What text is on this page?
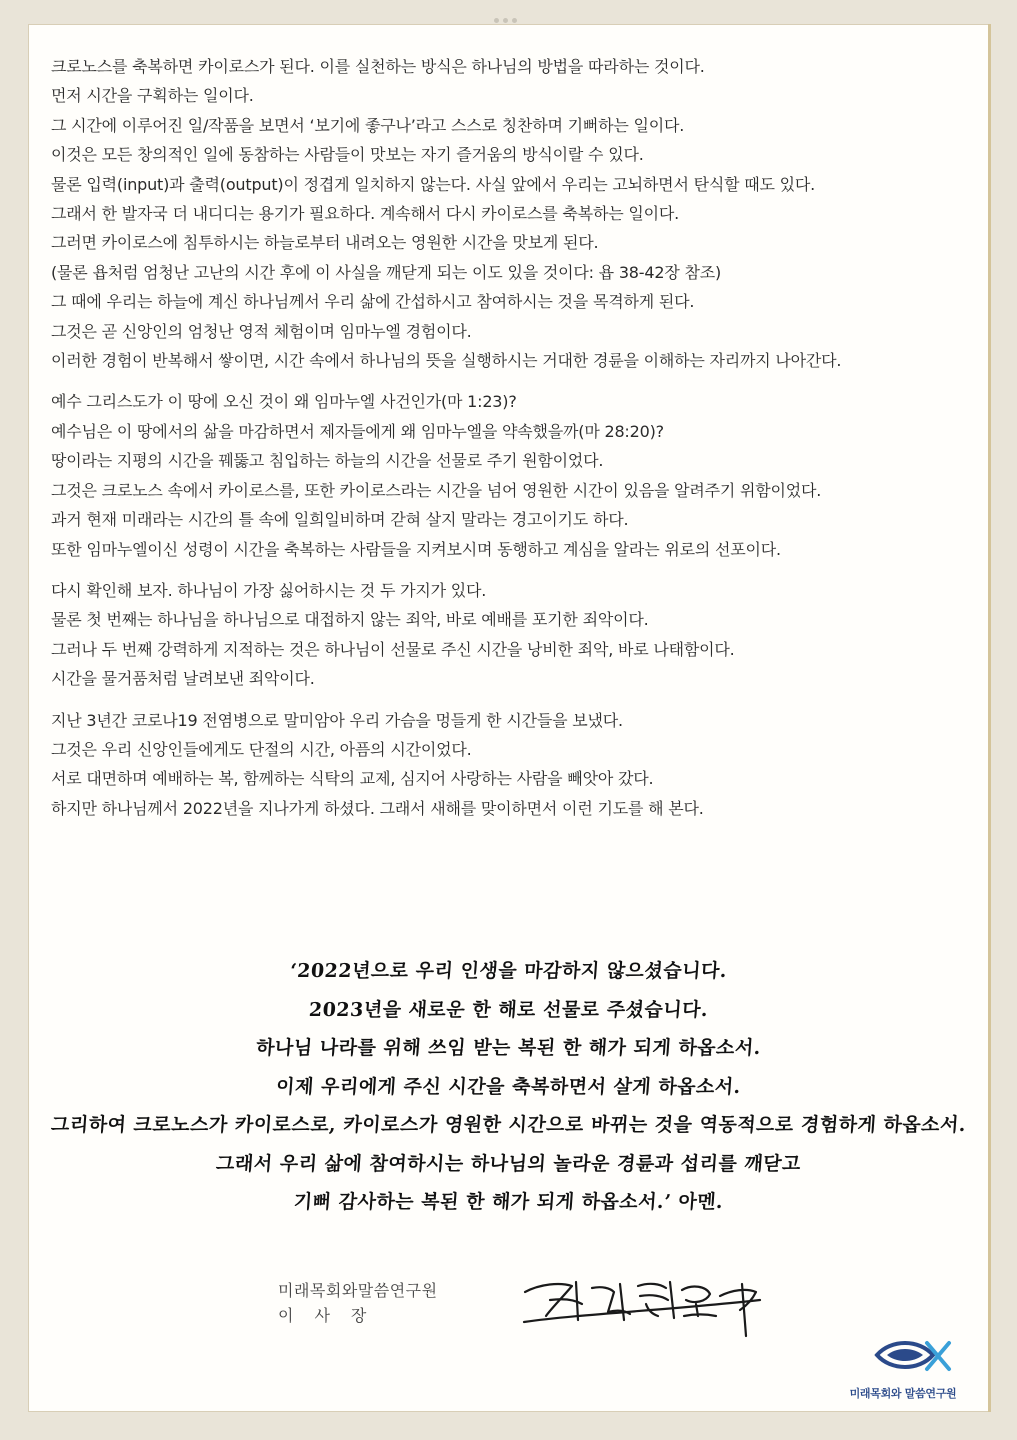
크로노스를 축복하면 카이로스가 된다. 이를 실천하는 방식은 하나님의 방법을 따라하는 것이다.
먼저 시간을 구획하는 일이다.
그 시간에 이루어진 일/작품을 보면서 ‘보기에 좋구나’라고 스스로 칭찬하며 기뻐하는 일이다.
이것은 모든 창의적인 일에 동참하는 사람들이 맛보는 자기 즐거움의 방식이랄 수 있다.
물론 입력(input)과 출력(output)이 정겹게 일치하지 않는다. 사실 앞에서 우리는 고뇌하면서 탄식할 때도 있다.
그래서 한 발자국 더 내디디는 용기가 필요하다. 계속해서 다시 카이로스를 축복하는 일이다.
그러면 카이로스에 침투하시는 하늘로부터 내려오는 영원한 시간을 맛보게 된다.
(물론 욥처럼 엄청난 고난의 시간 후에 이 사실을 깨닫게 되는 이도 있을 것이다: 욥 38-42장 참조)
그 때에 우리는 하늘에 계신 하나님께서 우리 삶에 간섭하시고 참여하시는 것을 목격하게 된다.
그것은 곧 신앙인의 엄청난 영적 체험이며 임마누엘 경험이다.
이러한 경험이 반복해서 쌓이면, 시간 속에서 하나님의 뜻을 실행하시는 거대한 경륜을 이해하는 자리까지 나아간다.
예수 그리스도가 이 땅에 오신 것이 왜 임마누엘 사건인가(마 1:23)?
예수님은 이 땅에서의 삶을 마감하면서 제자들에게 왜 임마누엘을 약속했을까(마 28:20)?
땅이라는 지평의 시간을 꿰뚫고 침입하는 하늘의 시간을 선물로 주기 원함이었다.
그것은 크로노스 속에서 카이로스를, 또한 카이로스라는 시간을 넘어 영원한 시간이 있음을 알려주기 위함이었다.
과거 현재 미래라는 시간의 틀 속에 일희일비하며 갇혀 살지 말라는 경고이기도 하다.
또한 임마누엘이신 성령이 시간을 축복하는 사람들을 지켜보시며 동행하고 계심을 알라는 위로의 선포이다.
다시 확인해 보자. 하나님이 가장 싫어하시는 것 두 가지가 있다.
물론 첫 번째는 하나님을 하나님으로 대접하지 않는 죄악, 바로 예배를 포기한 죄악이다.
그러나 두 번째 강력하게 지적하는 것은 하나님이 선물로 주신 시간을 낭비한 죄악, 바로 나태함이다.
시간을 물거품처럼 날려보낸 죄악이다.
지난 3년간 코로나19 전염병으로 말미암아 우리 가슴을 멍들게 한 시간들을 보냈다.
그것은 우리 신앙인들에게도 단절의 시간, 아픔의 시간이었다.
서로 대면하며 예배하는 복, 함께하는 식탁의 교제, 심지어 사랑하는 사람을 빼앗아 갔다.
하지만 하나님께서 2022년을 지나가게 하셨다. 그래서 새해를 맞이하면서 이런 기도를 해 본다.
‘2022년으로 우리 인생을 마감하지 않으셨습니다.
2023년을 새로운 한 해로 선물로 주셨습니다.
하나님 나라를 위해 쓰임 받는 복된 한 해가 되게 하옵소서.
이제 우리에게 주신 시간을 축복하면서 살게 하옵소서.
그리하여 크로노스가 카이로스로, 카이로스가 영원한 시간으로 바뀌는 것을 역동적으로 경험하게 하옵소서.
그래서 우리 삶에 참여하시는 하나님의 놀라운 경륜과 섭리를 깨닫고
기뻐 감사하는 복된 한 해가 되게 하옵소서.’ 아멘.
미래목회와말씀연구원
이사장
미래목회와 말씀연구원
